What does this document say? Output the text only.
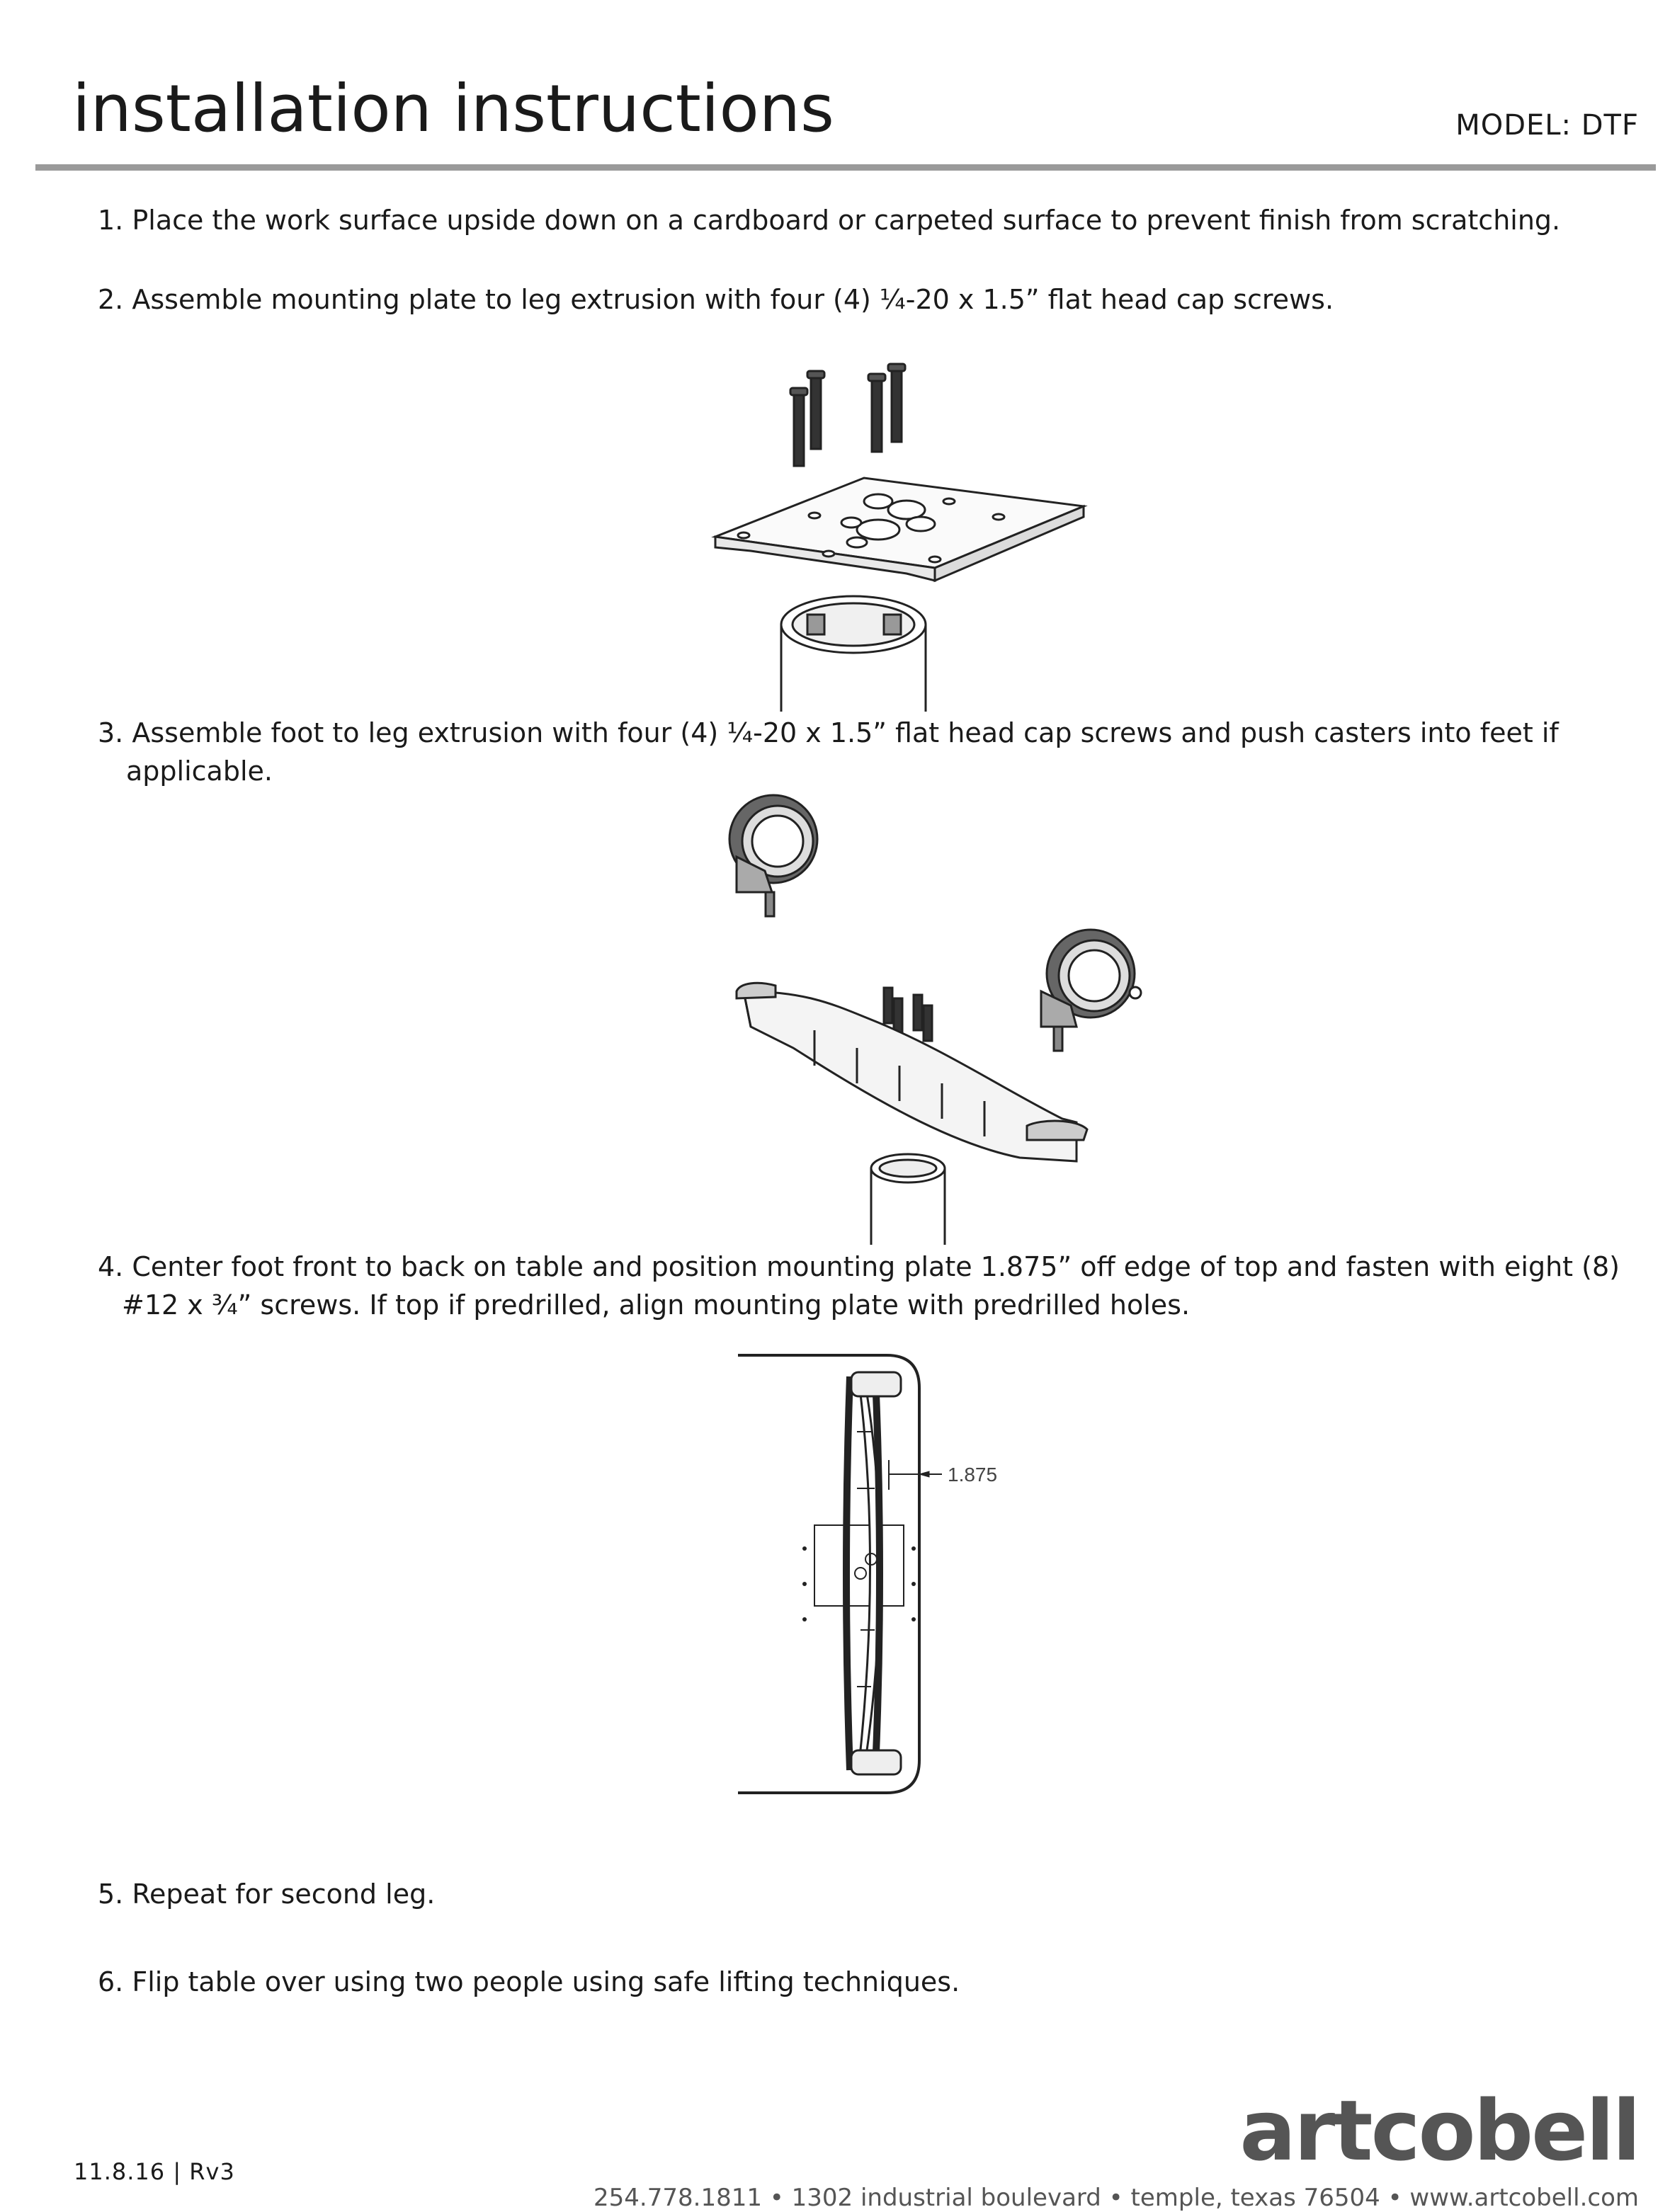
installation instructions	MODEL: DTF
1. Place the work surface upside down on a cardboard or carpeted surface to prevent finish from scratching.
2. Assemble mounting plate to leg extrusion with four (4) ¼-20 x 1.5” flat head cap screws.
3. Assemble foot to leg extrusion with four (4) ¼-20 x 1.5” flat head cap screws and push casters into feet if
applicable.
4. Center foot front to back on table and position mounting plate 1.875” off edge of top and fasten with eight (8)
#12 x ¾” screws. If top if predrilled, align mounting plate with predrilled holes.
1.875
5. Repeat for second leg.
6. Flip table over using two people using safe lifting techniques.
11.8.16 | Rv3	artcobell
254.778.1811 • 1302 industrial boulevard • temple, texas 76504 • www.artcobell.com
